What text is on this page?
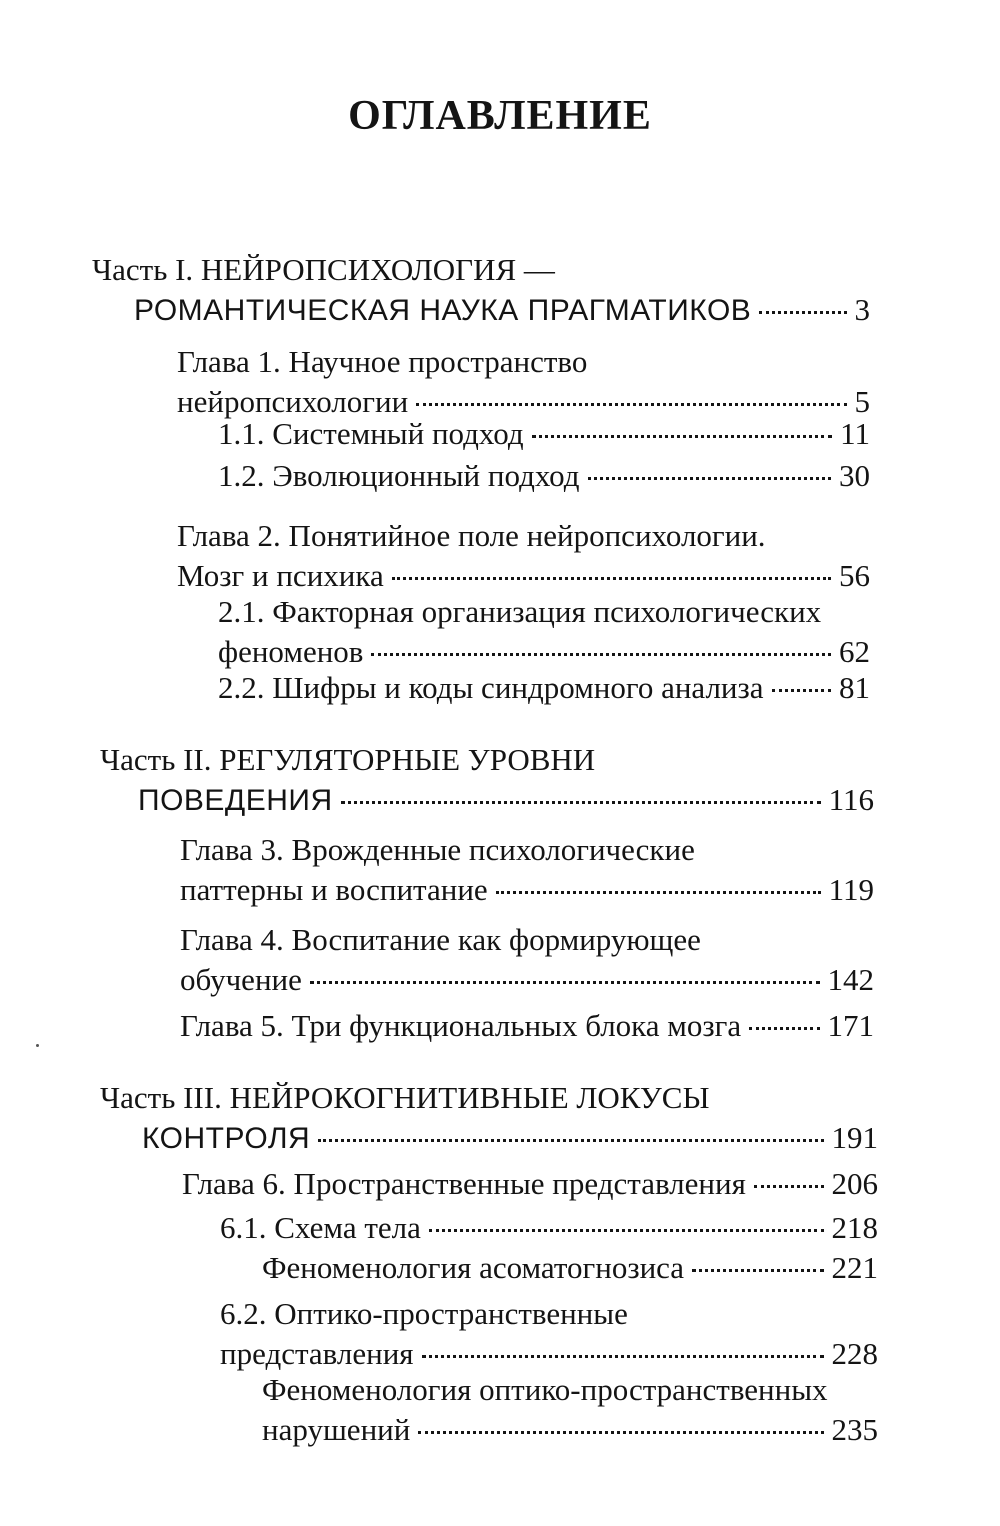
ОГЛАВЛЕНИЕ
Часть I. НЕЙРОПСИХОЛОГИЯ —
РОМАНТИЧЕСКАЯ НАУКА ПРАГМАТИКОВ	3
Глава 1. Научное пространство
нейропсихологии	5
1.1. Системный подход	11
1.2. Эволюционный подход	30
Глава 2. Понятийное поле нейропсихологии.
Мозг и психика	56
2.1. Факторная организация психологических
феноменов	62
2.2. Шифры и коды синдромного анализа 81
Часть II. РЕГУЛЯТОРНЫЕ УРОВНИ
ПОВЕДЕНИЯ	116
Глава 3. Врожденные психологические
паттерны и воспитание	119
Глава 4. Воспитание как формирующее
обучение	142
Глава 5. Три функциональных блока мозга	171
Часть III. НЕЙРОКОГНИТИВНЫЕ ЛОКУСЫ
КОНТРОЛЯ	191
Глава 6. Пространственные представления	206
6.1. Схема тела	218
Феноменология асоматогнозиса	221
6.2. Оптико-пространственные
представления	228
Феноменология оптико-пространственных
нарушений	235
